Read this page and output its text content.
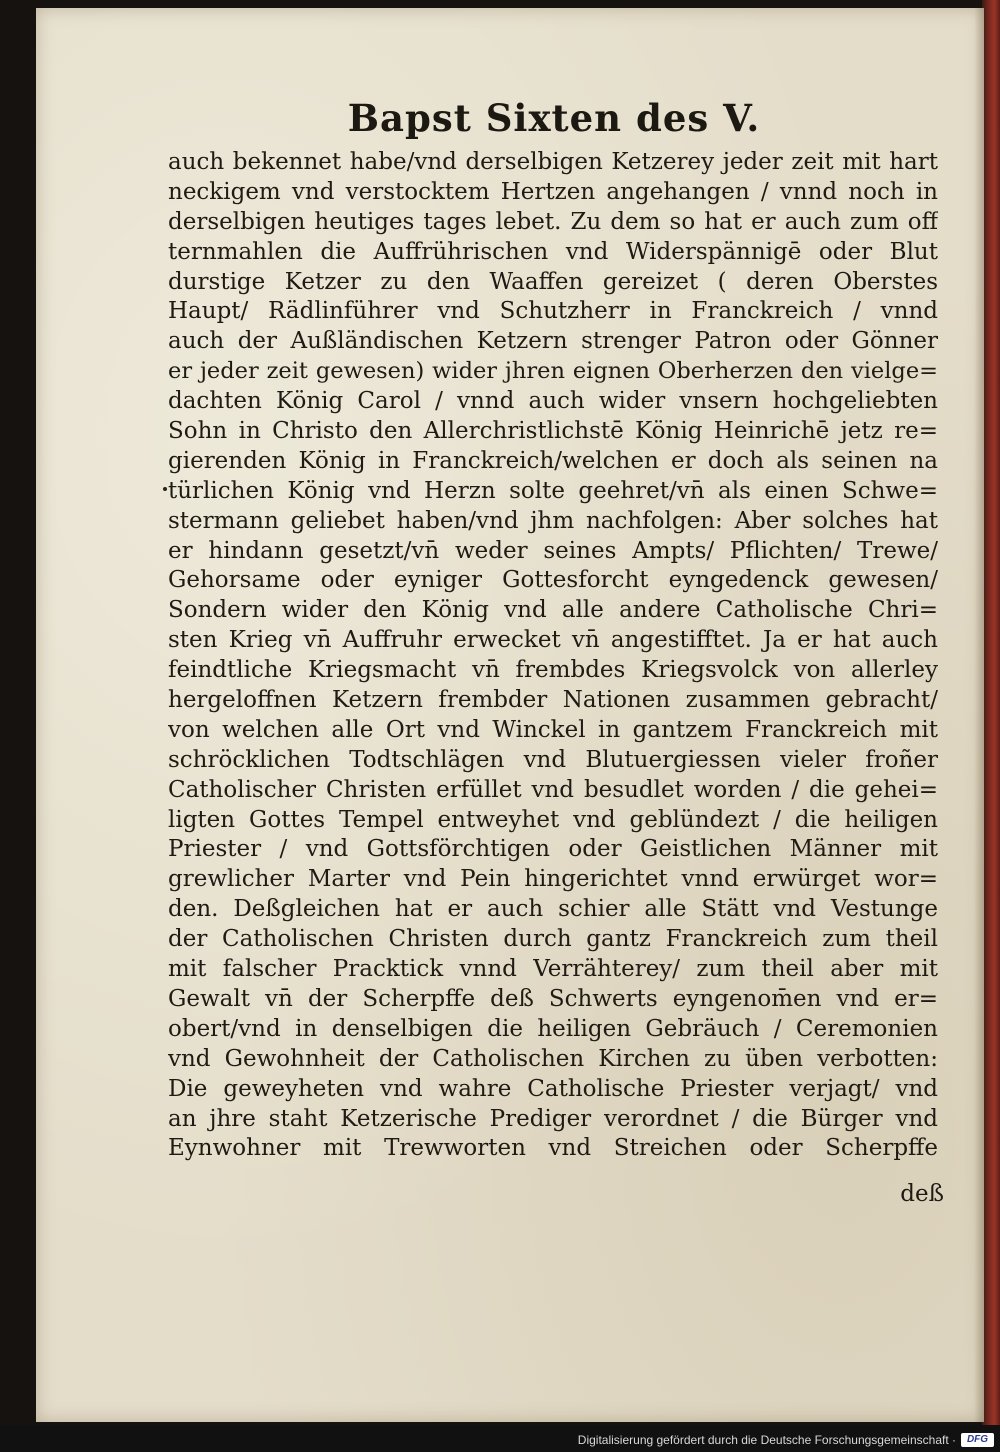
Bapst Sixten des V.
auch bekennet habe/vnd derselbigen Ketzerey jeder zeit mit hart
neckigem vnd verstocktem Hertzen angehangen / vnnd noch in
derselbigen heutiges tages lebet. Zu dem so hat er auch zum off
ternmahlen die Auffrührischen vnd Widerspännigē oder Blut
durstige Ketzer zu den Waaffen gereizet ( deren Oberstes
Haupt/ Rädlinführer vnd Schutzherr in Franckreich / vnnd
auch der Außländischen Ketzern strenger Patron oder Gönner
er jeder zeit gewesen) wider jhren eignen Oberherzen den vielge=
dachten König Carol / vnnd auch wider vnsern hochgeliebten
Sohn in Christo den Allerchristlichstē König Heinrichē jetz re=
gierenden König in Franckreich/welchen er doch als seinen na
türlichen König vnd Herzn solte geehret/vn̄ als einen Schwe=
stermann geliebet haben/vnd jhm nachfolgen: Aber solches hat
er hindann gesetzt/vn̄ weder seines Ampts/ Pflichten/ Trewe/
Gehorsame oder eyniger Gottesforcht eyngedenck gewesen/
Sondern wider den König vnd alle andere Catholische Chri=
sten Krieg vn̄ Auffruhr erwecket vn̄ angestifftet. Ja er hat auch
feindtliche Kriegsmacht vn̄ frembdes Kriegsvolck von allerley
hergeloffnen Ketzern frembder Nationen zusammen gebracht/
von welchen alle Ort vnd Winckel in gantzem Franckreich mit
schröcklichen Todtschlägen vnd Blutuergiessen vieler froñer
Catholischer Christen erfüllet vnd besudlet worden / die gehei=
ligten Gottes Tempel entweyhet vnd geblündezt / die heiligen
Priester / vnd Gottsförchtigen oder Geistlichen Männer mit
grewlicher Marter vnd Pein hingerichtet vnnd erwürget wor=
den. Deßgleichen hat er auch schier alle Stätt vnd Vestunge
der Catholischen Christen durch gantz Franckreich zum theil
mit falscher Pracktick vnnd Verrähterey/ zum theil aber mit
Gewalt vn̄ der Scherpffe deß Schwerts eyngenom̄en vnd er=
obert/vnd in denselbigen die heiligen Gebräuch / Ceremonien
vnd Gewohnheit der Catholischen Kirchen zu üben verbotten:
Die geweyheten vnd wahre Catholische Priester verjagt/ vnd
an jhre staht Ketzerische Prediger verordnet / die Bürger vnd
Eynwohner mit Trewworten vnd Streichen oder Scherpffe
deß
Digitalisierung gefördert durch die Deutsche Forschungsgemeinschaft ·	DFG
